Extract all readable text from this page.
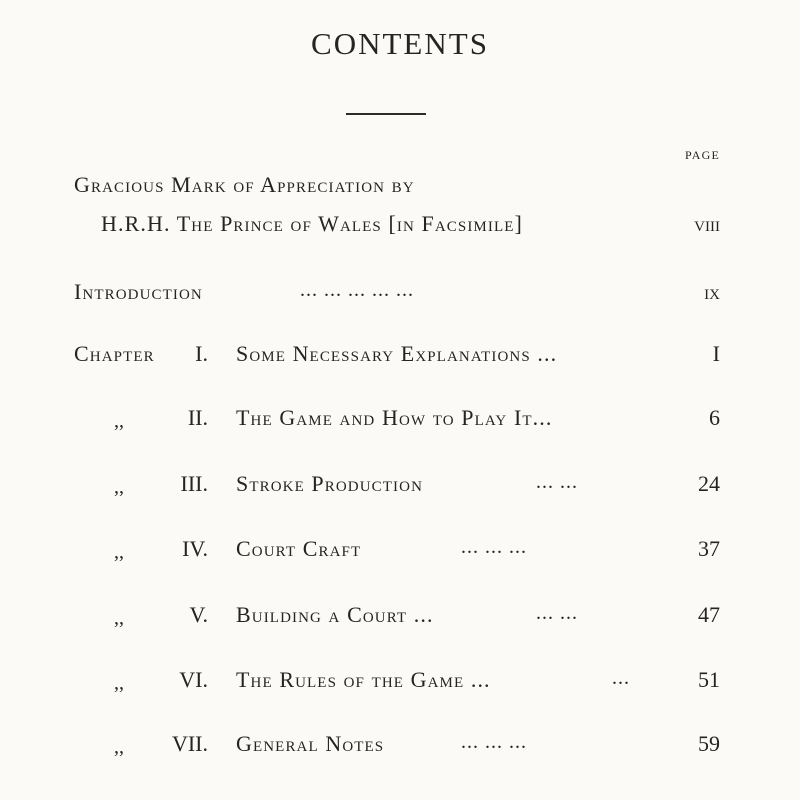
CONTENTS
PAGE
Gracious Mark of Appreciation by
H.R.H. The Prince of Wales [in Facsimile]	viii
Introduction	... ... ... ... ...	ix
Chapter	I. Some Necessary Explanations ...	I
,,	II. The Game and How to Play It...	6
,,	III. Stroke Production	... ...	24
,,	IV. Court Craft	... ... ...	37
,,	V. Building a Court ...	... ...	47
,,	VI. The Rules of the Game ...	...	51
,,	VII. General Notes	... ... ...	59
